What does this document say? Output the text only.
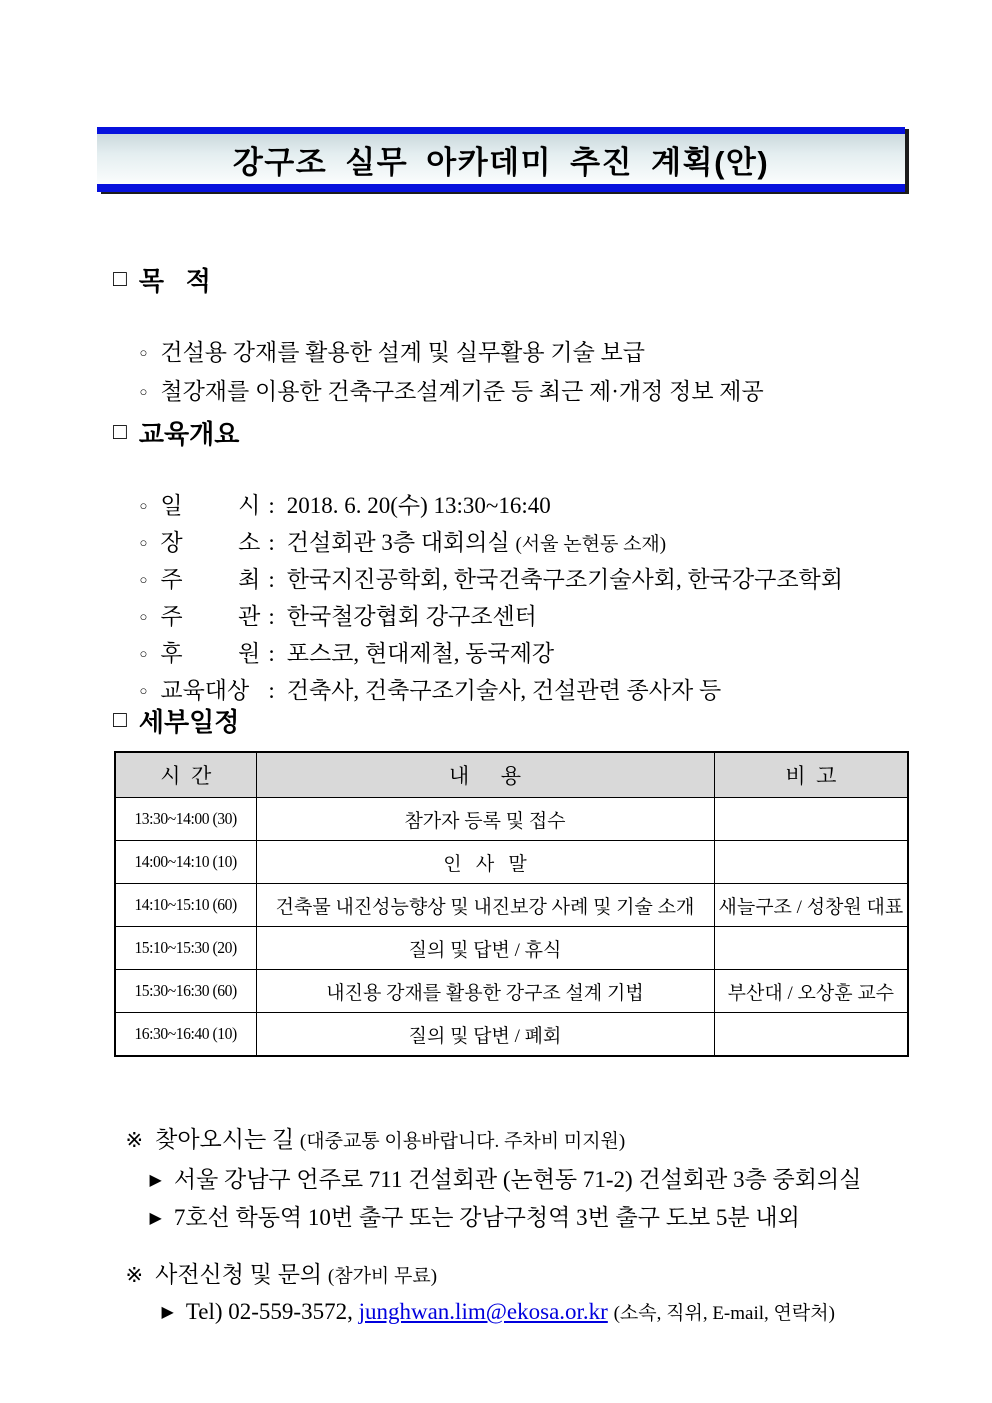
강구조 실무 아카데미 추진 계획(안)
□ 목   적

○ 건설용 강재를 활용한 설계 및 실무활용 기술 보급

○ 철강재를 이용한 건축구조설계기준 등 최근 제·개정 정보 제공

□ 교육개요

○ 일 시 : 2018. 6. 20(수) 13:30~16:40

○ 장 소 : 건설회관 3층 대회의실 (서울 논현동 소재)

○ 주 최 : 한국지진공학회, 한국건축구조기술사회, 한국강구조학회

○ 주 관 : 한국철강협회 강구조센터

○ 후 원 : 포스코, 현대제철, 동국제강

○ 교육대상 : 건축사, 건축구조기술사, 건설관련 종사자 등

□ 세부일정
시  간	내      용	비  고
13:30~14:00 (30)	참가자 등록 및 접수	
14:00~14:10 (10)	인   사   말	
14:10~15:10 (60)	건축물 내진성능향상 및 내진보강 사례 및 기술 소개	새늘구조 / 성창원 대표
15:10~15:30 (20)	질의 및 답변 / 휴식	
15:30~16:30 (60)	내진용 강재를 활용한 강구조 설계 기법	부산대 / 오상훈 교수
16:30~16:40 (10)	질의 및 답변 / 폐회	

※ 찾아오시는 길 (대중교통 이용바랍니다. 주차비 미지원)

▶ 서울 강남구 언주로 711 건설회관 (논현동 71-2) 건설회관 3층 중회의실

▶ 7호선 학동역 10번 출구 또는 강남구청역 3번 출구 도보 5분 내외

※ 사전신청 및 문의 (참가비 무료)

▶ Tel) 02-559-3572, junghwan.lim@ekosa.or.kr (소속, 직위, E-mail, 연락처)
